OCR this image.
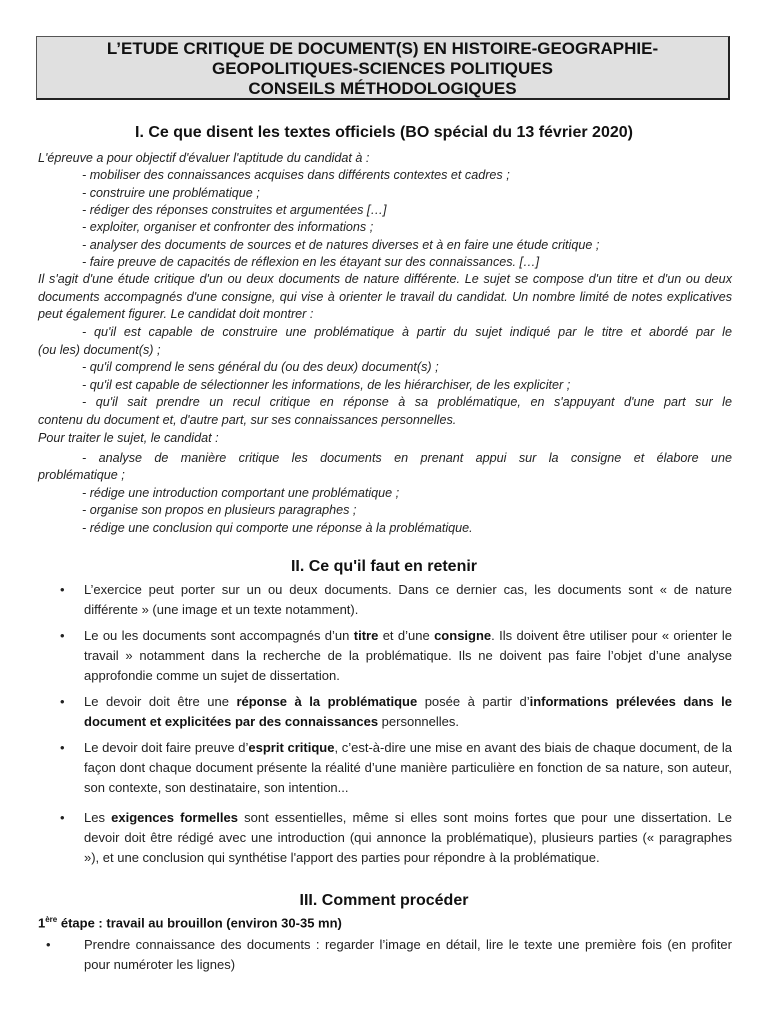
L’ETUDE CRITIQUE DE DOCUMENT(S) EN HISTOIRE-GEOGRAPHIE-
GEOPOLITIQUES-SCIENCES POLITIQUES
CONSEILS MÉTHODOLOGIQUES
I. Ce que disent les textes officiels (BO spécial du 13 février 2020)
L'épreuve a pour objectif d'évaluer l'aptitude du candidat à :
- mobiliser des connaissances acquises dans différents contextes et cadres ;
- construire une problématique ;
- rédiger des réponses construites et argumentées […]
- exploiter, organiser et confronter des informations ;
- analyser des documents de sources et de natures diverses et à en faire une étude critique ;
- faire preuve de capacités de réflexion en les étayant sur des connaissances. […]
Il s'agit d'une étude critique d'un ou deux documents de nature différente. Le sujet se compose d'un titre et d'un ou deux documents accompagnés d'une consigne, qui vise à orienter le travail du candidat. Un nombre limité de notes explicatives peut également figurer. Le candidat doit montrer :
- qu'il est capable de construire une problématique à partir du sujet indiqué par le titre et abordé par le
(ou les) document(s) ;
- qu'il comprend le sens général du (ou des deux) document(s) ;
- qu'il est capable de sélectionner les informations, de les hiérarchiser, de les expliciter ;
- qu'il sait prendre un recul critique en réponse à sa problématique, en s'appuyant d'une part sur le
contenu du document et, d'autre part, sur ses connaissances personnelles.
Pour traiter le sujet, le candidat :
- analyse de manière critique les documents en prenant appui sur la consigne et élabore une
problématique ;
- rédige une introduction comportant une problématique ;
- organise son propos en plusieurs paragraphes ;
- rédige une conclusion qui comporte une réponse à la problématique.
II. Ce qu'il faut en retenir
• L’exercice peut porter sur un ou deux documents. Dans ce dernier cas, les documents sont « de nature différente » (une image et un texte notamment).
• Le ou les documents sont accompagnés d’un titre et d’une consigne. Ils doivent être utiliser pour « orienter le travail » notamment dans la recherche de la problématique. Ils ne doivent pas faire l’objet d’une analyse approfondie comme un sujet de dissertation.
• Le devoir doit être une réponse à la problématique posée à partir d’informations prélevées dans le document et explicitées par des connaissances personnelles.
• Le devoir doit faire preuve d’esprit critique, c’est-à-dire une mise en avant des biais de chaque document, de la façon dont chaque document présente la réalité d’une manière particulière en fonction de sa nature, son auteur, son contexte, son destinataire, son intention...
• Les exigences formelles sont essentielles, même si elles sont moins fortes que pour une dissertation. Le devoir doit être rédigé avec une introduction (qui annonce la problématique), plusieurs parties (« paragraphes »), et une conclusion qui synthétise l'apport des parties pour répondre à la problématique.
III. Comment procéder
1ère étape : travail au brouillon (environ 30-35 mn)
•	Prendre connaissance des documents : regarder l’image en détail, lire le texte une première fois (en profiter pour numéroter les lignes)
